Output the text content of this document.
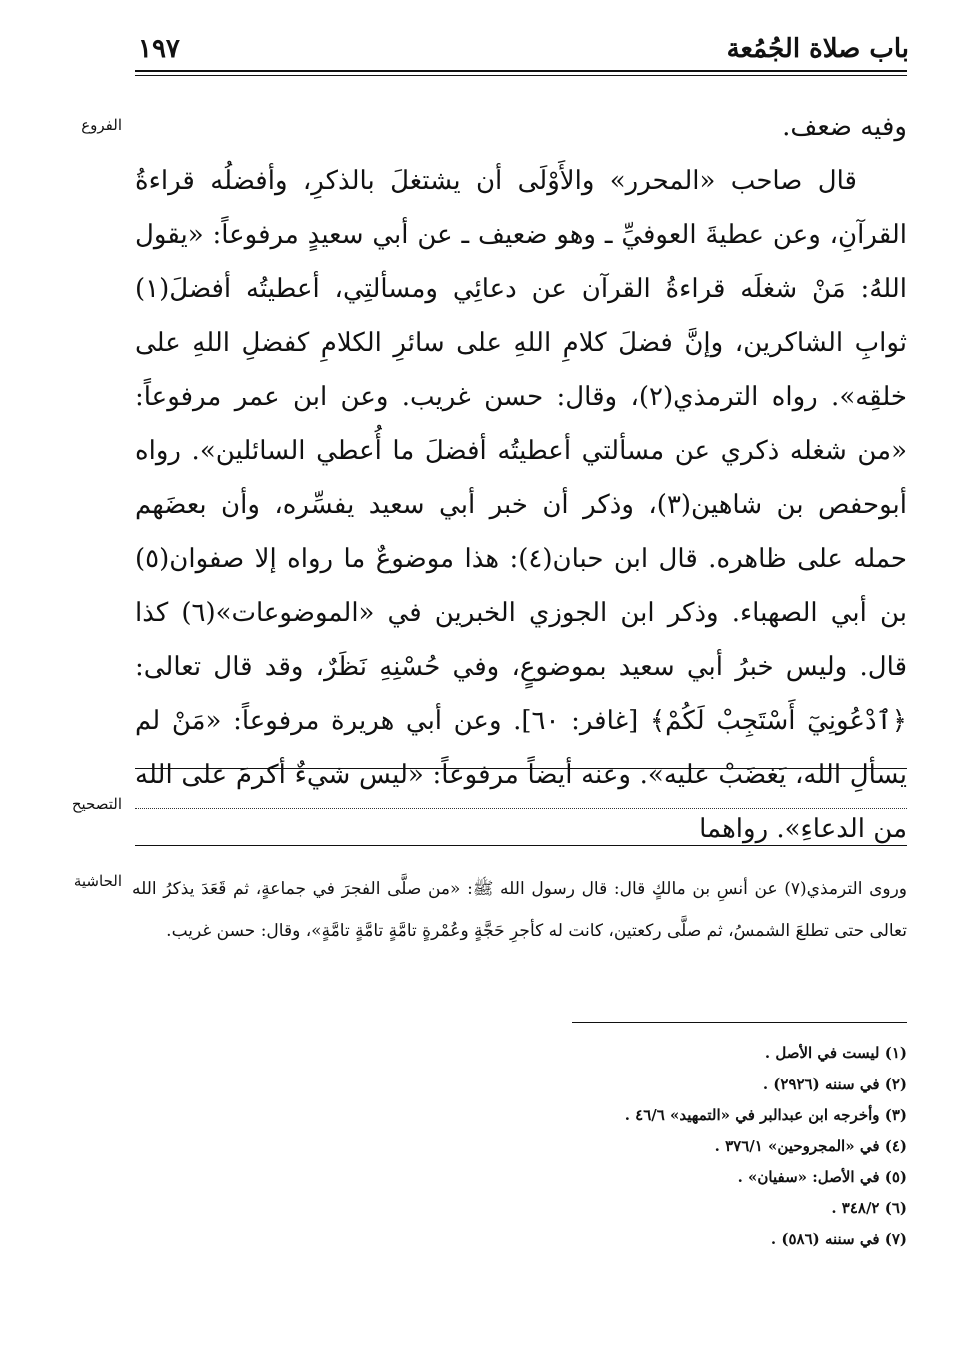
باب صلاة الجُمُعة
١٩٧
الفروع	وفيه ضعف.

قال صاحب «المحرر» والأَوْلَى أن يشتغلَ بالذكرِ، وأفضلُه قراءةُ القرآنِ، وعن عطيةَ العوفيِّ ـ وهو ضعيف ـ عن أبي سعيدٍ مرفوعاً: «يقول اللهُ: مَنْ شغلَه قراءةُ القرآن عن دعائِي ومسألتِي، أعطيتُه أفضلَ(١) ثوابِ الشاكرين، وإنَّ فضلَ كلامِ اللهِ على سائرِ الكلامِ كفضلِ اللهِ على خلقِه». رواه الترمذي(٢)، وقال: حسن غريب. وعن ابن عمر مرفوعاً: «من شغله ذكري عن مسألتي أعطيتُه أفضلَ ما أُعطي السائلين». رواه أبوحفص بن شاهين(٣)، وذكر أن خبر أبي سعيد يفسِّره، وأن بعضَهم حمله على ظاهره. قال ابن حبان(٤): هذا موضوعٌ ما رواه إلا صفوان(٥) بن أبي الصهباء. وذكر ابن الجوزي الخبرين في «الموضوعات»(٦) كذا قال. وليس خبرُ أبي سعيد بموضوعٍ، وفي حُسْنِهِ نَظَرٌ، وقد قال تعالى: ﴿ٱدْعُونِيٓ أَسْتَجِبْ لَكُمْ﴾ [غافر: ٦٠]. وعن أبي هريرة مرفوعاً: «مَنْ لم يسألِ الله، يَغضَبْ عليه». وعنه أيضاً مرفوعاً: «ليس شيءٌ أكرمَ على الله من الدعاءِ». رواهما

التصحيح
الحاشية وروى الترمذي(٧) عن أنسِ بن مالكٍ قال: قال رسول الله ﷺ: «من صلَّى الفجرَ في جماعةٍ، ثم قَعَدَ يذكرُ الله تعالى حتى تطلعَ الشمسُ، ثم صلَّى ركعتين، كانت له كأجرِ حَجَّةٍ وعُمْرةٍ تامَّةٍ تامَّةٍ تامَّةٍ»، وقال: حسن غريب.
(١) ليست في الأصل .
(٢) في سننه (٢٩٢٦) .
(٣) وأخرجه ابن عبدالبر في «التمهيد» ٤٦/٦ .
(٤) في «المجروحين» ٣٧٦/١ .
(٥) في الأصل: «سفيان» .
(٦) ٣٤٨/٢ .
(٧) في سننه (٥٨٦) .
